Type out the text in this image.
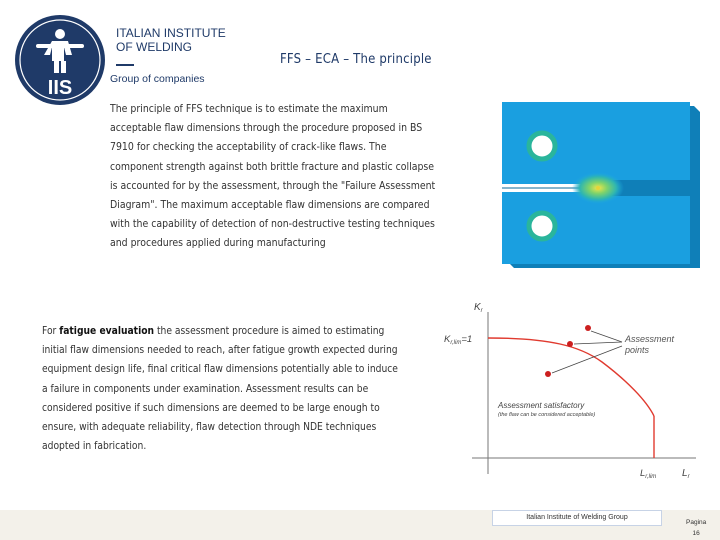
IIS
ITALIAN INSTITUTE
OF WELDING
Group of companies
FFS – ECA – The principle
The principle of FFS technique is to estimate the maximum acceptable flaw dimensions through the procedure proposed in BS 7910 for checking the acceptability of crack-like flaws. The component strength against both brittle fracture and plastic collapse is accounted for by the assessment, through the "Failure Assessment Diagram". The maximum acceptable flaw dimensions are compared with the capability of detection of non-destructive testing techniques and procedures applied during manufacturing
For fatigue evaluation the assessment procedure is aimed to estimating initial flaw dimensions needed to reach, after fatigue growth expected during equipment design life, final critical flaw dimensions potentially able to induce a failure in components under examination. Assessment results can be considered positive if such dimensions are deemed to be large enough to ensure, with adequate reliability, flaw detection through NDE techniques adopted in fabrication.
$K_r$
$L_r$
$K_{r,lim}=1$	Assessment points
$L_{r,lim}$
Assessment satisfactory
(the flaw can be considered acceptable)
Italian Institute of Welding Group
Pagina
16
